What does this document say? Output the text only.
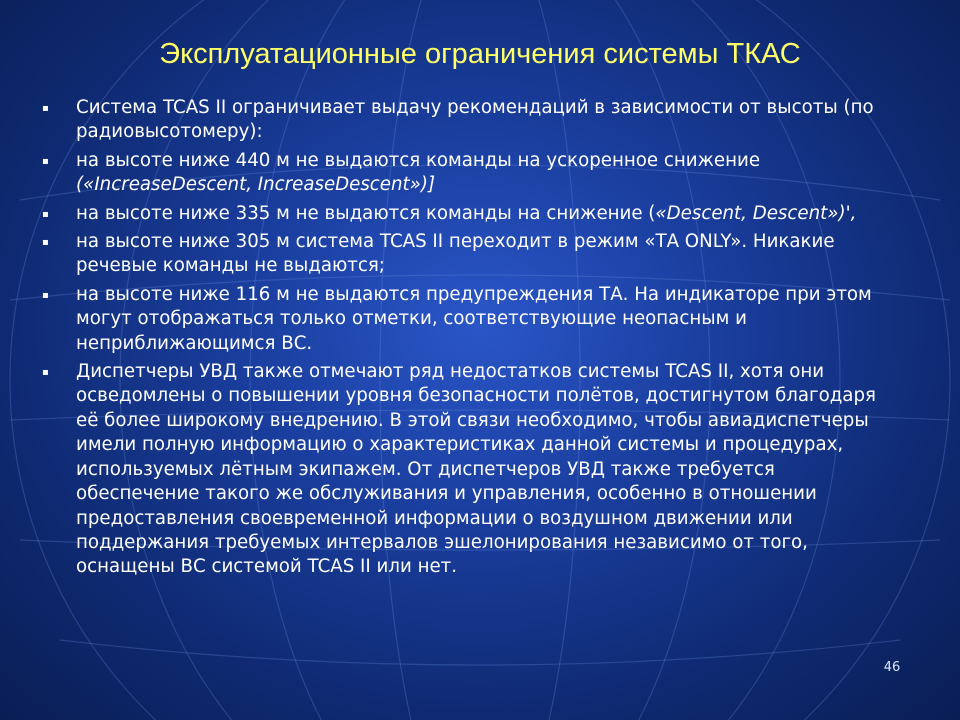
Эксплуатационные ограничения системы ТКАС
▪ Система TCAS II ограничивает выдачу рекомендаций в зависимости от высоты (по радиовысотомеру):
▪ на высоте ниже 440 м не выдаются команды на ускоренное снижение («IncreaseDescent, IncreaseDescent»)]
▪ на высоте ниже 335 м не выдаются команды на снижение («Descent, Descent»)',
▪ на высоте ниже 305 м система TCAS II переходит в режим «ТА ONLY». Никакие речевые команды не выдаются;
▪ на высоте ниже 116 м не выдаются предупреждения ТА. На индикаторе при этом могут отображаться только отметки, соответствующие неопасным и неприближающимся ВС.
▪ Диспетчеры УВД также отмечают ряд недостатков системы TCAS II, хотя они осведомлены о повышении уровня безопасности полётов, достигнутом благодаря её более широкому внедрению. В этой связи необходимо, чтобы авиадиспетчеры имели полную информацию о характеристиках данной системы и процедурах, используемых лётным экипажем. От диспетчеров УВД также требуется обеспечение такого же обслуживания и управления, особенно в отношении предоставления своевременной информации о воздушном движении или поддержания требуемых интервалов эшелонирования независимо от того, оснащены ВС системой TCAS II или нет.
46
